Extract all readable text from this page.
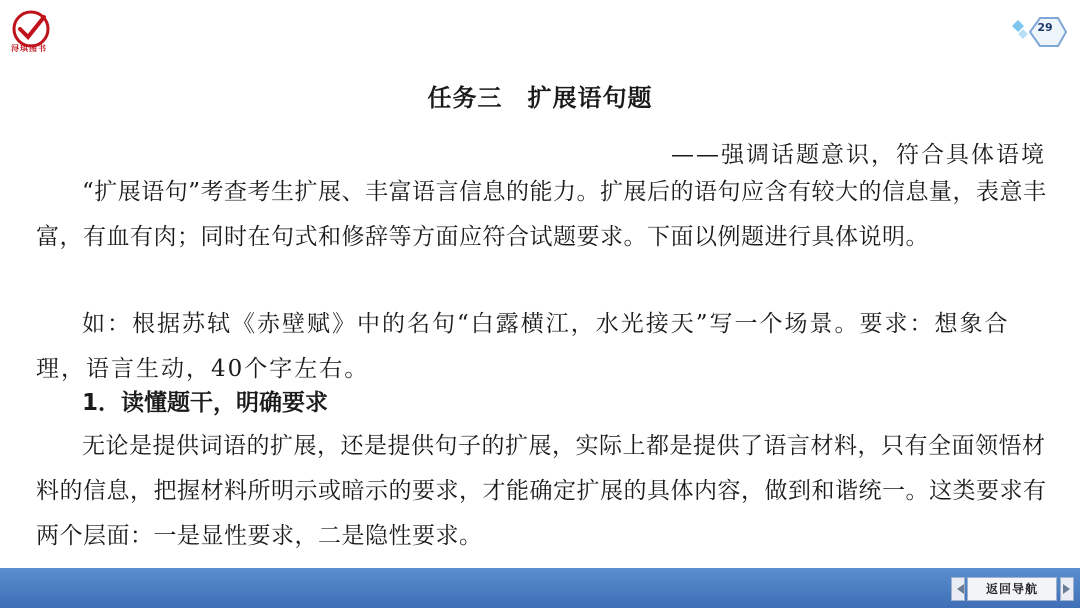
浔琪图书
29
任务三　扩展语句题
——强调话题意识，符合具体语境
“扩展语句”考查考生扩展、丰富语言信息的能力。扩展后的语句应含有较大的信息量，表意丰富，有血有肉；同时在句式和修辞等方面应符合试题要求。下面以例题进行具体说明。
如：根据苏轼《赤壁赋》中的名句“白露横江，水光接天”写一个场景。要求：想象合理，语言生动，40个字左右。
1．读懂题干，明确要求
无论是提供词语的扩展，还是提供句子的扩展，实际上都是提供了语言材料，只有全面领悟材料的信息，把握材料所明示或暗示的要求，才能确定扩展的具体内容，做到和谐统一。这类要求有两个层面：一是显性要求，二是隐性要求。
返回导航
